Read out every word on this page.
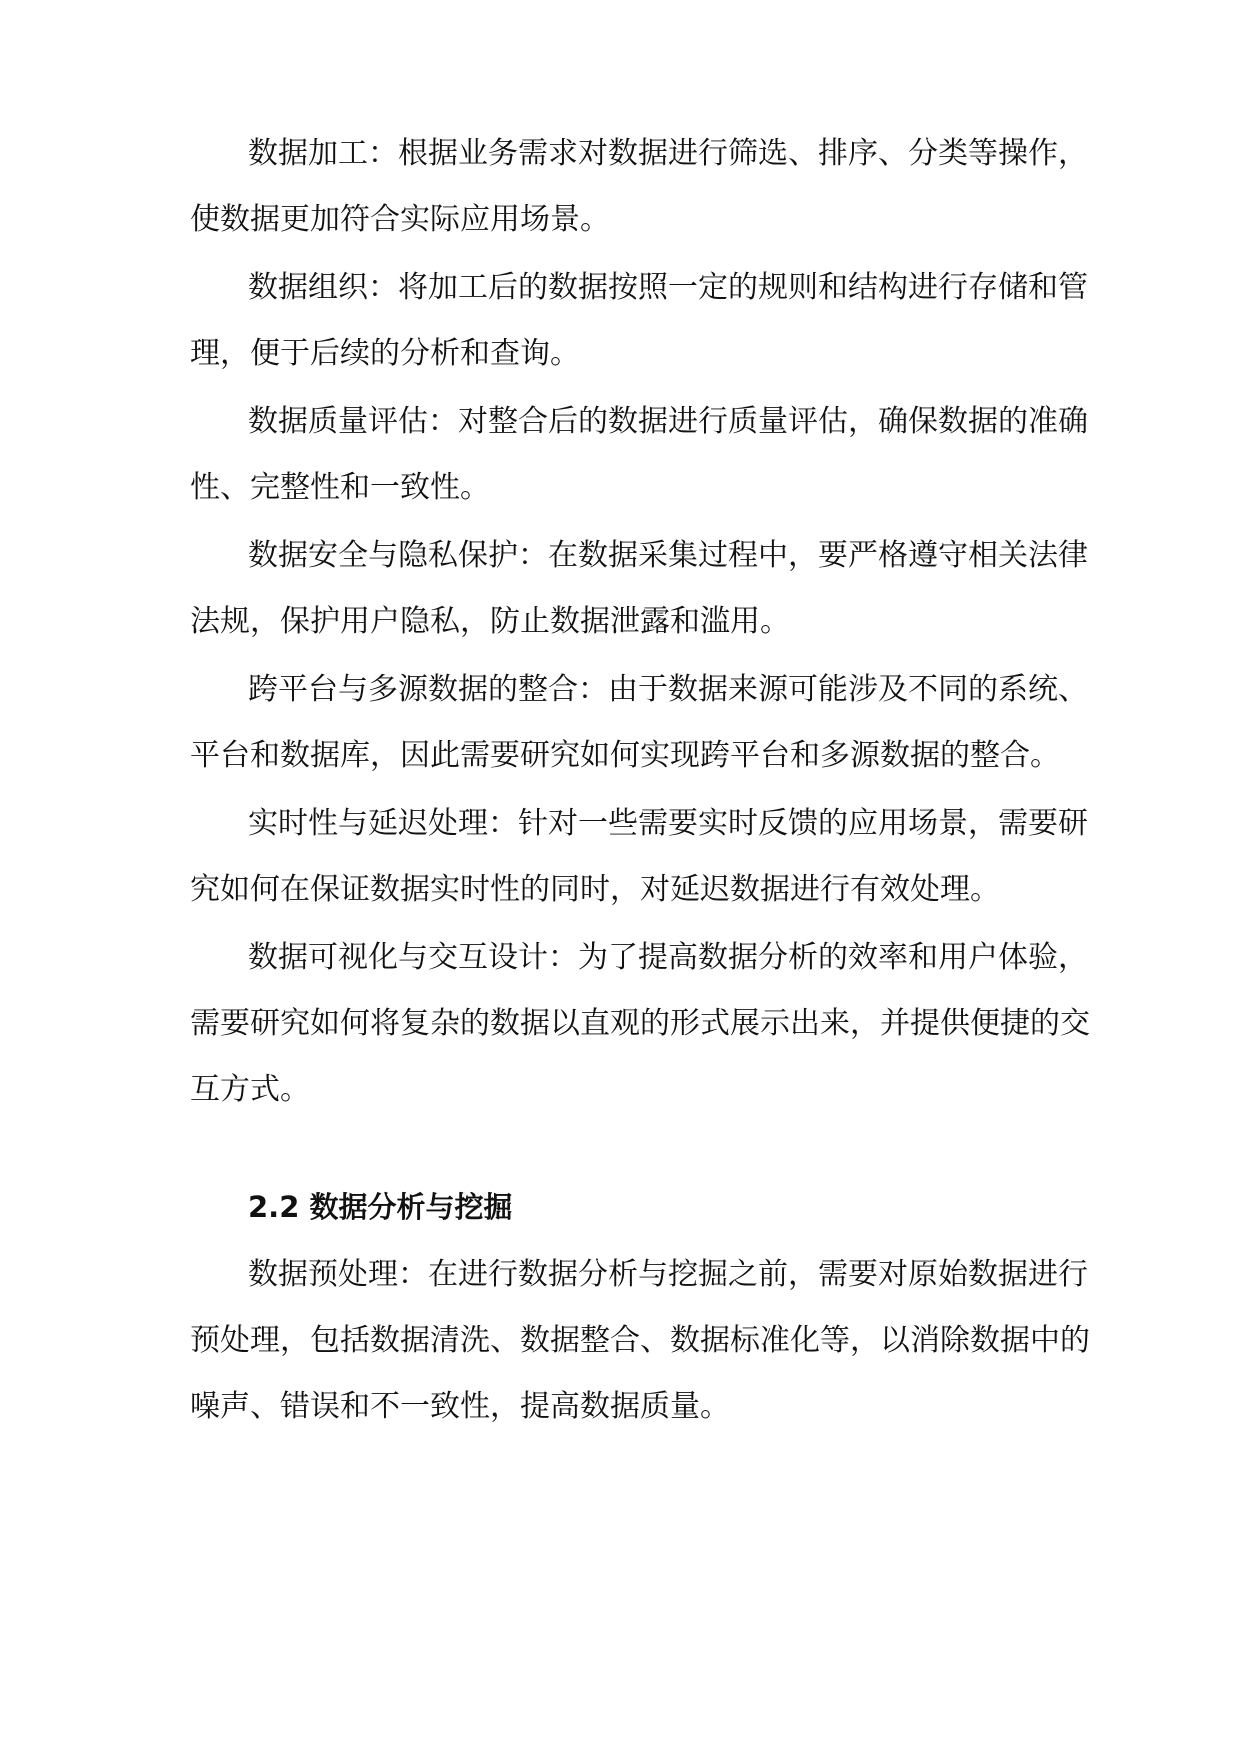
数据加工：根据业务需求对数据进行筛选、排序、分类等操作，
使数据更加符合实际应用场景。
数据组织：将加工后的数据按照一定的规则和结构进行存储和管
理，便于后续的分析和查询。
数据质量评估：对整合后的数据进行质量评估，确保数据的准确
性、完整性和一致性。
数据安全与隐私保护：在数据采集过程中，要严格遵守相关法律
法规，保护用户隐私，防止数据泄露和滥用。
跨平台与多源数据的整合：由于数据来源可能涉及不同的系统、
平台和数据库，因此需要研究如何实现跨平台和多源数据的整合。
实时性与延迟处理：针对一些需要实时反馈的应用场景，需要研
究如何在保证数据实时性的同时，对延迟数据进行有效处理。
数据可视化与交互设计：为了提高数据分析的效率和用户体验，
需要研究如何将复杂的数据以直观的形式展示出来，并提供便捷的交
互方式。
2.2 数据分析与挖掘
数据预处理：在进行数据分析与挖掘之前，需要对原始数据进行
预处理，包括数据清洗、数据整合、数据标准化等，以消除数据中的
噪声、错误和不一致性，提高数据质量。
